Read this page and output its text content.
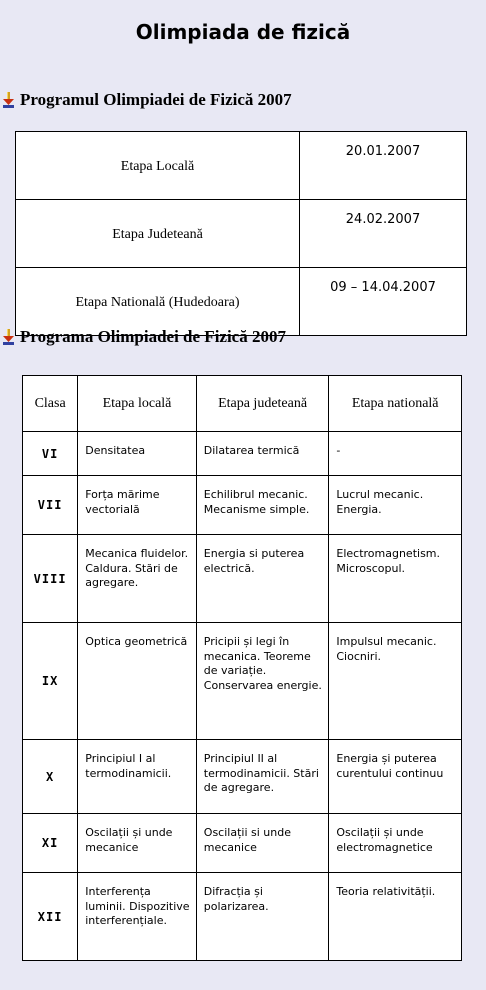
Olimpiada de fizică
Programul Olimpiadei de Fizică 2007
Etapa Locală	20.01.2007
Etapa Judeteană	24.02.2007
Etapa Natională (Hudedoara)	09 – 14.04.2007
Programa Olimpiadei de Fizică 2007
Clasa	Etapa locală	Etapa judeteană	Etapa natională
VI	Densitatea	Dilatarea termică	-
VII	Forța mărime vectorială	Echilibrul mecanic. Mecanisme simple.	Lucrul mecanic. Energia.
VIII	Mecanica fluidelor. Caldura. Stări de agregare.	Energia si puterea electrică.	Electromagnetism. Microscopul.
IX	Optica geometrică	Pricipii și legi în mecanica. Teoreme de variație. Conservarea energie.	Impulsul mecanic. Ciocniri.
X	Principiul I al termodinamicii.	Principiul II al termodinamicii. Stări de agregare.	Energia și puterea curentului continuu
XI	Oscilații și unde mecanice	Oscilații si unde mecanice	Oscilații și unde electromagnetice
XII	Interferența luminii. Dispozitive interferențiale.	Difracția și polarizarea.	Teoria relativității.
